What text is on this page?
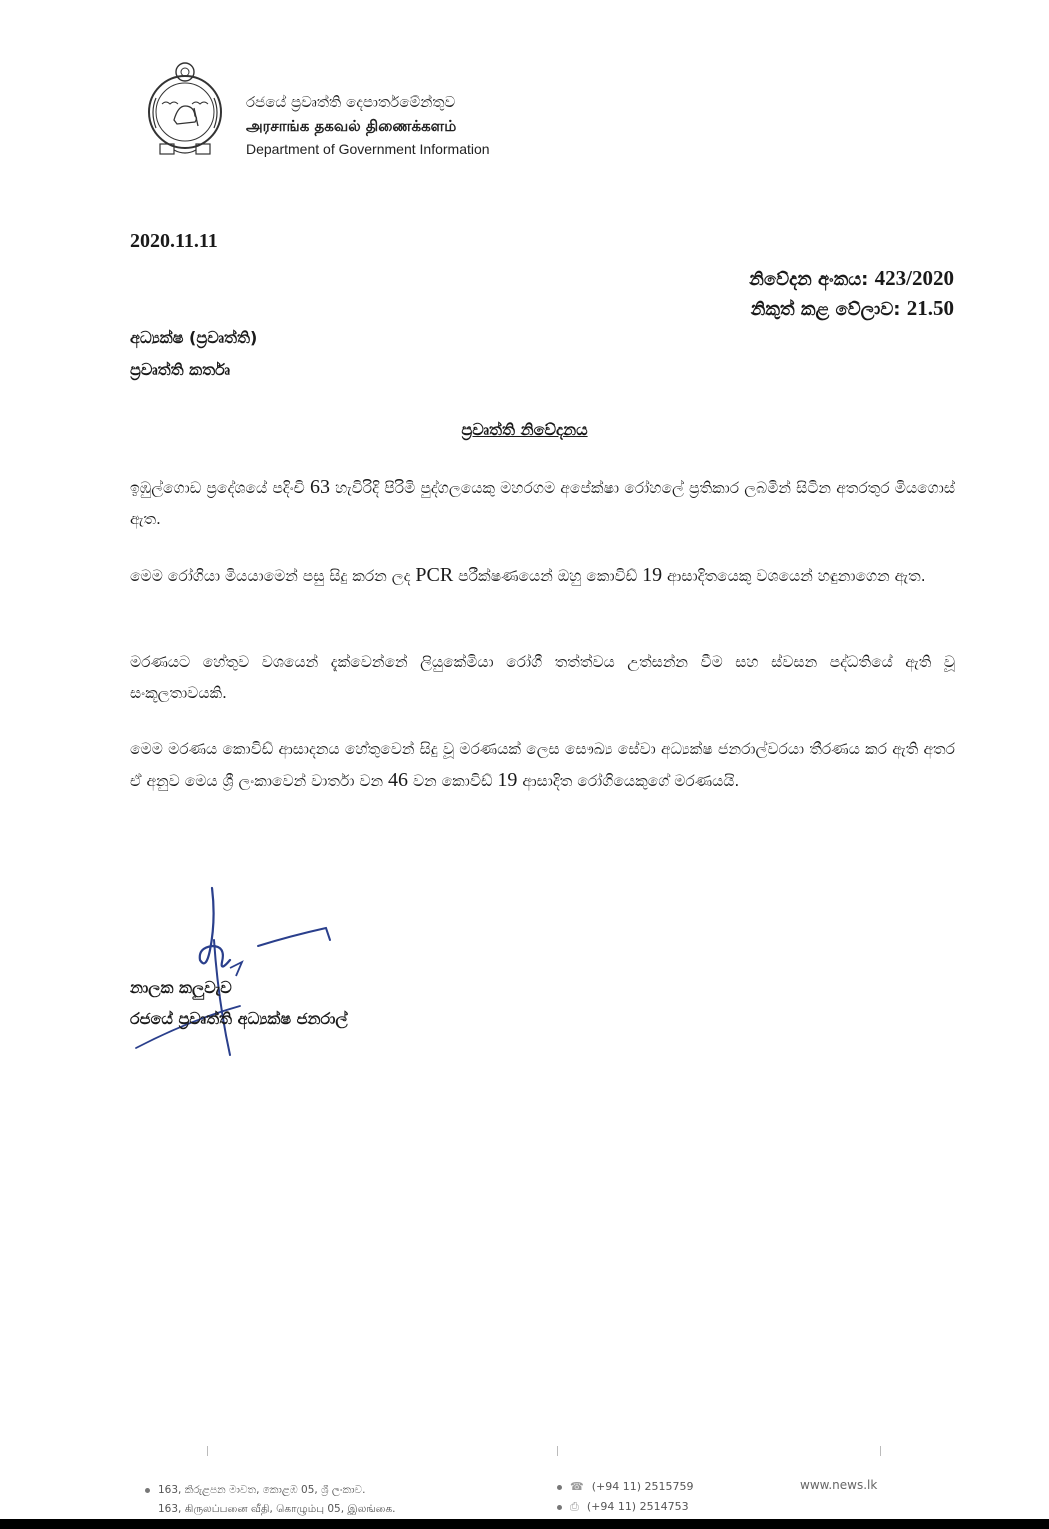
රජයේ ප්‍රවෘත්ති දෙපාර්තමේන්තුව
அரசாங்க தகவல் திணைக்களம்
Department of Government Information
2020.11.11
නිවේදන අංකය: 423/2020
නිකුත් කළ වේලාව: 21.50
අධ්‍යක්ෂ (ප්‍රවෘත්ති)
ප්‍රවෘත්ති කර්තෘ
ප්‍රවෘත්ති නිවේදනය
ඉඹුල්ගොඩ ප්‍රදේශයේ පදිංචි 63 හැවිරිදි පිරිමි පුද්ගලයෙකු මහරගම අපේක්ෂා රෝහලේ ප්‍රතිකාර ලබමින් සිටින අතරතුර මියගොස් ඇත.
මෙම රෝගියා මියයාමෙන් පසු සිදු කරන ලද PCR පරීක්ෂණයෙන් ඔහු කොවිඩ් 19 ආසාදිතයෙකු වශයෙන් හඳුනාගෙන ඇත.
මරණයට හේතුව වශයෙන් දැක්වෙන්නේ ලියුකේමියා රෝගී තත්ත්වය උත්සන්න වීම සහ ස්වසන පද්ධතියේ ඇති වූ සංකූලතාවයකි.
මෙම මරණය කොවිඩ් ආසාදනය හේතුවෙන් සිදු වූ මරණයක් ලෙස සෞඛ්‍ය සේවා අධ්‍යක්ෂ ජනරාල්වරයා තීරණය කර ඇති අතර ඒ අනුව මෙය ශ්‍රී ලංකාවෙන් වාර්තා වන 46 වන කොවිඩ් 19 ආසාදිත රෝගියෙකුගේ මරණයයි.
නාලක කලුවැව
රජයේ ප්‍රවෘත්ති අධ්‍යක්ෂ ජනරාල්
163, කිරුළපන මාවත, කොළඹ 05, ශ්‍රී ලංකාව.
163, கிருலப்பனை வீதி, கொழும்பு 05, இலங்கை.
☎ (+94 11) 2515759
⎙ (+94 11) 2514753
www.news.lk
